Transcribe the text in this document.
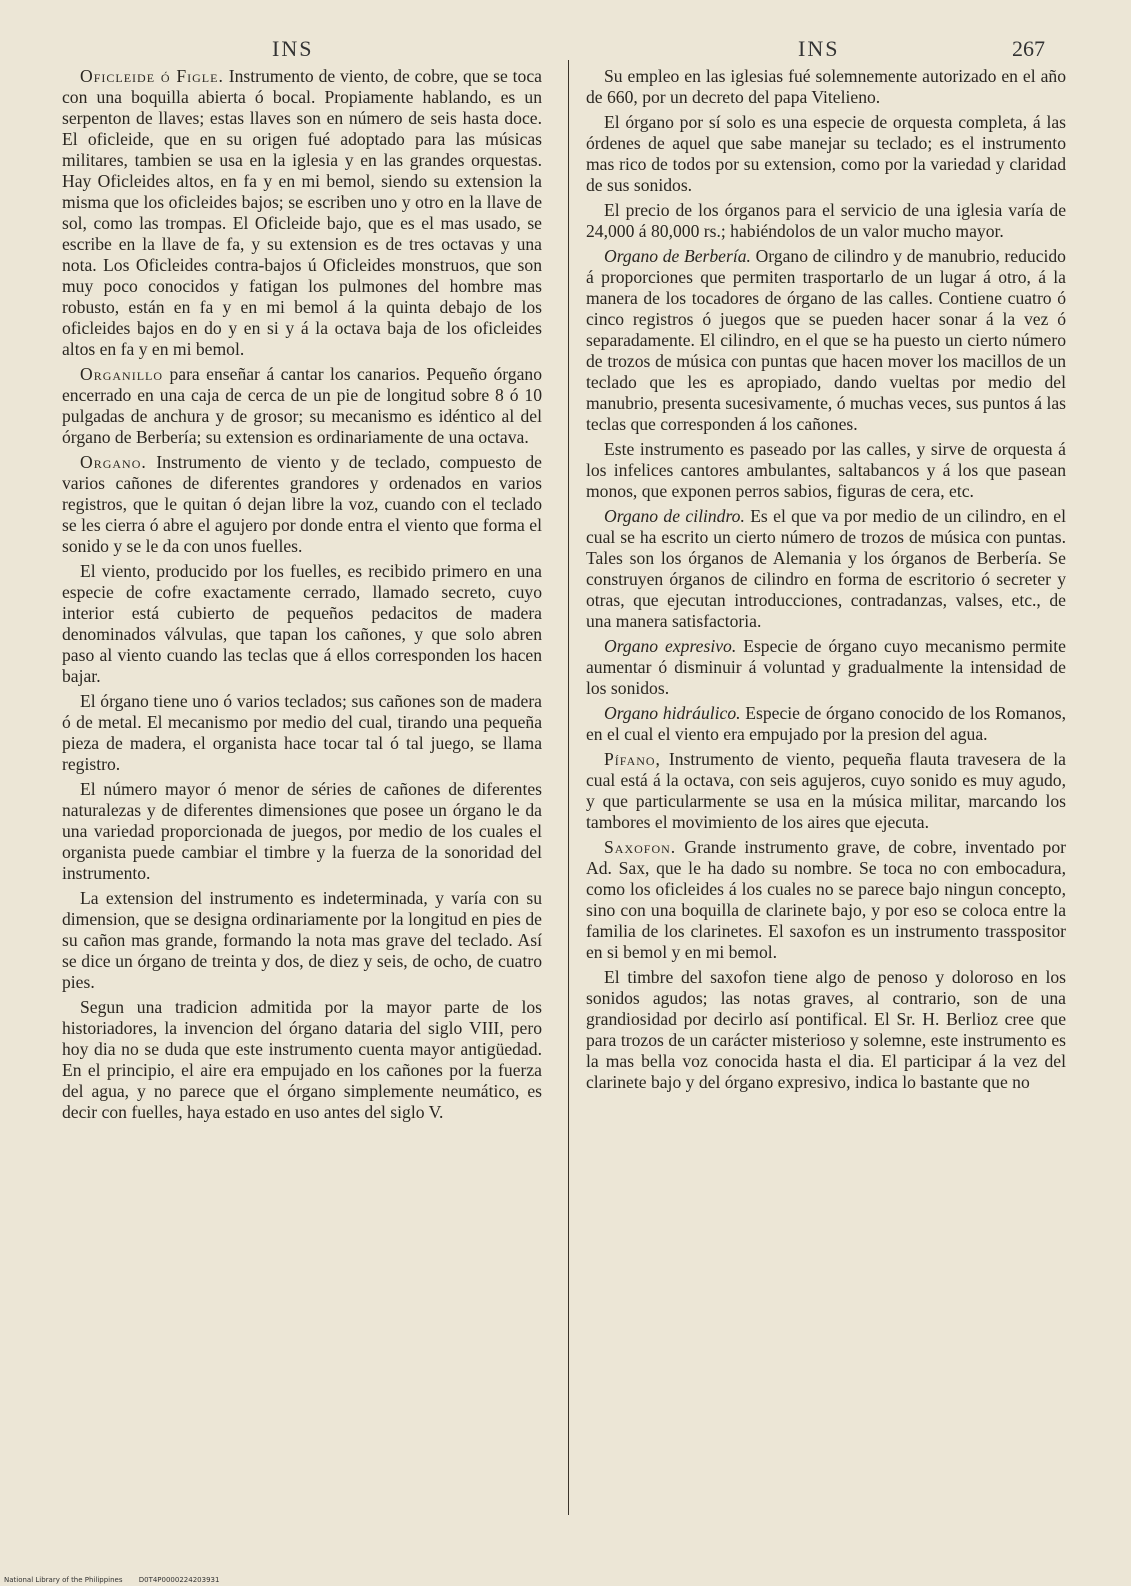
INS	INS	267

Oficleide ó Figle. Instrumento de viento, de cobre, que se toca con una boquilla abierta ó bocal. Propiamente hablando, es un serpenton de llaves; estas llaves son en número de seis hasta doce. El oficleide, que en su origen fué adoptado para las músicas militares, tambien se usa en la iglesia y en las grandes orquestas. Hay Oficleides altos, en fa y en mi bemol, siendo su extension la misma que los oficleides bajos; se escriben uno y otro en la llave de sol, como las trompas. El Oficleide bajo, que es el mas usado, se escribe en la llave de fa, y su extension es de tres octavas y una nota. Los Oficleides contra-bajos ú Oficleides monstruos, que son muy poco conocidos y fatigan los pulmones del hombre mas robusto, están en fa y en mi bemol á la quinta debajo de los oficleides bajos en do y en si y á la octava baja de los oficleides altos en fa y en mi bemol.

Organillo para enseñar á cantar los canarios. Pequeño órgano encerrado en una caja de cerca de un pie de longitud sobre 8 ó 10 pulgadas de anchura y de grosor; su mecanismo es idéntico al del órgano de Berbería; su extension es ordinariamente de una octava.

Organo. Instrumento de viento y de teclado, compuesto de varios cañones de diferentes grandores y ordenados en varios registros, que le quitan ó dejan libre la voz, cuando con el teclado se les cierra ó abre el agujero por donde entra el viento que forma el sonido y se le da con unos fuelles.

El viento, producido por los fuelles, es recibido primero en una especie de cofre exactamente cerrado, llamado secreto, cuyo interior está cubierto de pequeños pedacitos de madera denominados válvulas, que tapan los cañones, y que solo abren paso al viento cuando las teclas que á ellos corresponden los hacen bajar.

El órgano tiene uno ó varios teclados; sus cañones son de madera ó de metal. El mecanismo por medio del cual, tirando una pequeña pieza de madera, el organista hace tocar tal ó tal juego, se llama registro.

El número mayor ó menor de séries de cañones de diferentes naturalezas y de diferentes dimensiones que posee un órgano le da una variedad proporcionada de juegos, por medio de los cuales el organista puede cambiar el timbre y la fuerza de la sonoridad del instrumento.

La extension del instrumento es indeterminada, y varía con su dimension, que se designa ordinariamente por la longitud en pies de su cañon mas grande, formando la nota mas grave del teclado. Así se dice un órgano de treinta y dos, de diez y seis, de ocho, de cuatro pies.

Segun una tradicion admitida por la mayor parte de los historiadores, la invencion del órgano dataria del siglo VIII, pero hoy dia no se duda que este instrumento cuenta mayor antigüedad. En el principio, el aire era empujado en los cañones por la fuerza del agua, y no parece que el órgano simplemente neumático, es decir con fuelles, haya estado en uso antes del siglo V.

Su empleo en las iglesias fué solemnemente autorizado en el año de 660, por un decreto del papa Vitelieno.

El órgano por sí solo es una especie de orquesta completa, á las órdenes de aquel que sabe manejar su teclado; es el instrumento mas rico de todos por su extension, como por la variedad y claridad de sus sonidos.

El precio de los órganos para el servicio de una iglesia varía de 24,000 á 80,000 rs.; habiéndolos de un valor mucho mayor.

Organo de Berbería. Organo de cilindro y de manubrio, reducido á proporciones que permiten trasportarlo de un lugar á otro, á la manera de los tocadores de órgano de las calles. Contiene cuatro ó cinco registros ó juegos que se pueden hacer sonar á la vez ó separadamente. El cilindro, en el que se ha puesto un cierto número de trozos de música con puntas que hacen mover los macillos de un teclado que les es apropiado, dando vueltas por medio del manubrio, presenta sucesivamente, ó muchas veces, sus puntos á las teclas que corresponden á los cañones.

Este instrumento es paseado por las calles, y sirve de orquesta á los infelices cantores ambulantes, saltabancos y á los que pasean monos, que exponen perros sabios, figuras de cera, etc.

Organo de cilindro. Es el que va por medio de un cilindro, en el cual se ha escrito un cierto número de trozos de música con puntas. Tales son los órganos de Alemania y los órganos de Berbería. Se construyen órganos de cilindro en forma de escritorio ó secreter y otras, que ejecutan introducciones, contradanzas, valses, etc., de una manera satisfactoria.

Organo expresivo. Especie de órgano cuyo mecanismo permite aumentar ó disminuir á voluntad y gradualmente la intensidad de los sonidos.

Organo hidráulico. Especie de órgano conocido de los Romanos, en el cual el viento era empujado por la presion del agua.

Pífano, Instrumento de viento, pequeña flauta travesera de la cual está á la octava, con seis agujeros, cuyo sonido es muy agudo, y que particularmente se usa en la música militar, marcando los tambores el movimiento de los aires que ejecuta.

Saxofon. Grande instrumento grave, de cobre, inventado por Ad. Sax, que le ha dado su nombre. Se toca no con embocadura, como los oficleides á los cuales no se parece bajo ningun concepto, sino con una boquilla de clarinete bajo, y por eso se coloca entre la familia de los clarinetes. El saxofon es un instrumento trasspositor en si bemol y en mi bemol.

El timbre del saxofon tiene algo de penoso y doloroso en los sonidos agudos; las notas graves, al contrario, son de una grandiosidad por decirlo así pontifical. El Sr. H. Berlioz cree que para trozos de un carácter misterioso y solemne, este instrumento es la mas bella voz conocida hasta el dia. El participar á la vez del clarinete bajo y del órgano expresivo, indica lo bastante que no

National Library of the Philippines D0T4P0000224203931
